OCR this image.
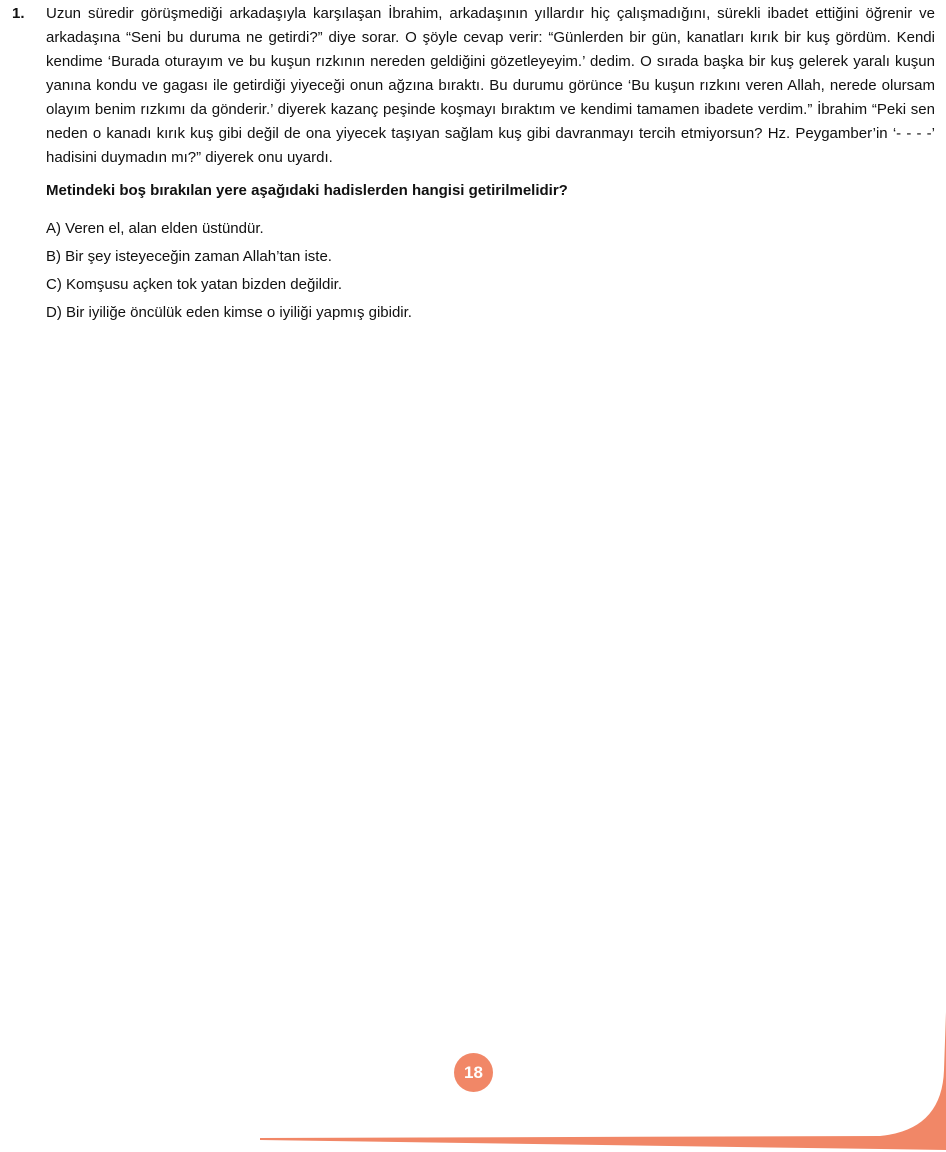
1. Uzun süredir görüşmediği arkadaşıyla karşılaşan İbrahim, arkadaşının yıllardır hiç çalışmadığını, sürekli ibadet ettiğini öğrenir ve arkadaşına “Seni bu duruma ne getirdi?” diye sorar. O şöyle cevap verir: “Günlerden bir gün, kanatları kırık bir kuş gördüm. Kendi kendime ‘Burada oturayım ve bu kuşun rızkının nereden geldiğini gözetleyeyim.’ dedim. O sırada başka bir kuş gelerek yaralı kuşun yanına kondu ve gagası ile getirdiği yiyeceği onun ağzına bıraktı. Bu durumu görünce ‘Bu kuşun rızkını veren Allah, nerede olursam olayım benim rızkımı da gönderir.’ diyerek kazanç peşinde koşmayı bıraktım ve kendimi tamamen ibadete verdim.” İbrahim “Peki sen neden o kanadı kırık kuş gibi değil de ona yiyecek taşıyan sağlam kuş gibi davranmayı tercih etmiyorsun? Hz. Peygamber’in ‘- - - -’ hadisini duymadın mı?” diyerek onu uyardı.

Metindeki boş bırakılan yere aşağıdaki hadislerden hangisi getirilmelidir?

A) Veren el, alan elden üstündür.
B) Bir şey isteyeceğin zaman Allah’tan iste.
C) Komşusu açken tok yatan bizden değildir.
D) Bir iyiliğe öncülük eden kimse o iyiliği yapmış gibidir.
18
